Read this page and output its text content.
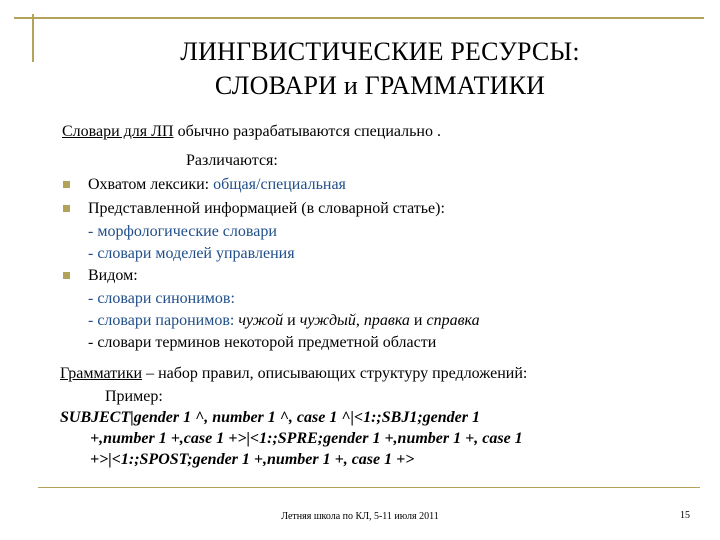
ЛИНГВИСТИЧЕСКИЕ РЕСУРСЫ:
СЛОВАРИ и ГРАММАТИКИ
Словари для ЛП обычно разрабатываются специально .
Различаются:
Охватом лексики: общая/специальная
Представленной информацией (в словарной статье):
- морфологические словари
- словари моделей управления
Видом:
- словари синонимов:
- словари паронимов: чужой и чуждый, правка и справка
- словари терминов некоторой предметной области
Грамматики – набор правил, описывающих структуру предложений:
Пример:
SUBJECT|gender 1 ^, number 1 ^, case 1 ^|<1:;SBJ1;gender 1
+,number 1 +,case 1 +>|<1:;SPRE;gender 1 +,number 1 +, case 1
+>|<1:;SPOST;gender 1 +,number 1 +, case 1 +>
Летняя школа по КЛ, 5-11 июля 2011	15
